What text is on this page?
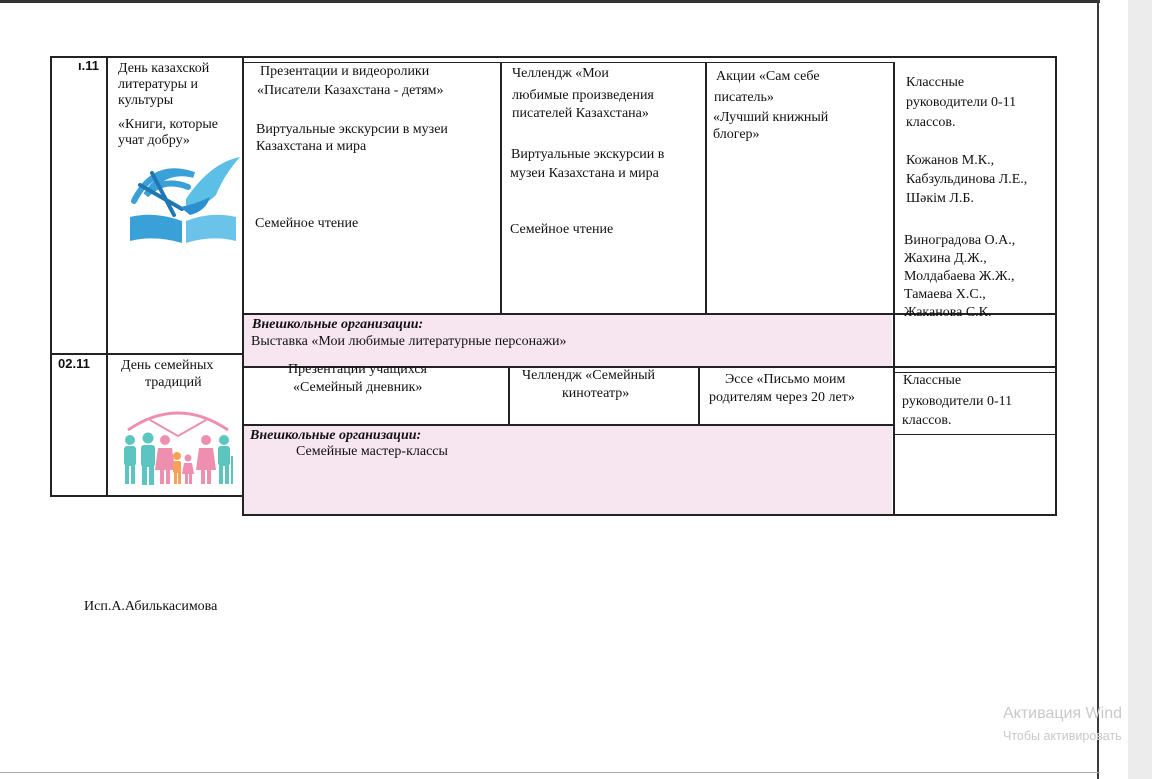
ı.11 День казахской
литературы и
культуры
«Книги, которые
учат добру»
Презентации и видеоролики
«Писатели Казахстана - детям»
Виртуальные экскурсии в музеи
Казахстана и мира
Семейное чтение
Челлендж «Мои
любимые произведения
писателей Казахстана»
Виртуальные экскурсии в
музеи Казахстана и мира
Семейное чтение
Акции «Сам себе
писатель»
«Лучший книжный
блогер»
Классные
руководители 0-11
классов.
Кожанов М.К.,
Кабзульдинова Л.Е.,
Шәкім Л.Б.
Виноградова О.А.,
Жахина Д.Ж.,
Молдабаева Ж.Ж.,
Тамаева Х.С.,
Жаканова С.К.
Внешкольные организации:
Выставка «Мои любимые литературные персонажи»
02.11 День семейных
традиций
Презентации учащихся
«Семейный дневник»
Челлендж «Семейный
кинотеатр»
Эссе «Письмо моим
родителям через 20 лет»
Классные
руководители 0-11
классов.
Внешкольные организации:
Семейные мастер-классы
Исп.А.Абилькасимова
Активация Wind
Чтобы активировать
